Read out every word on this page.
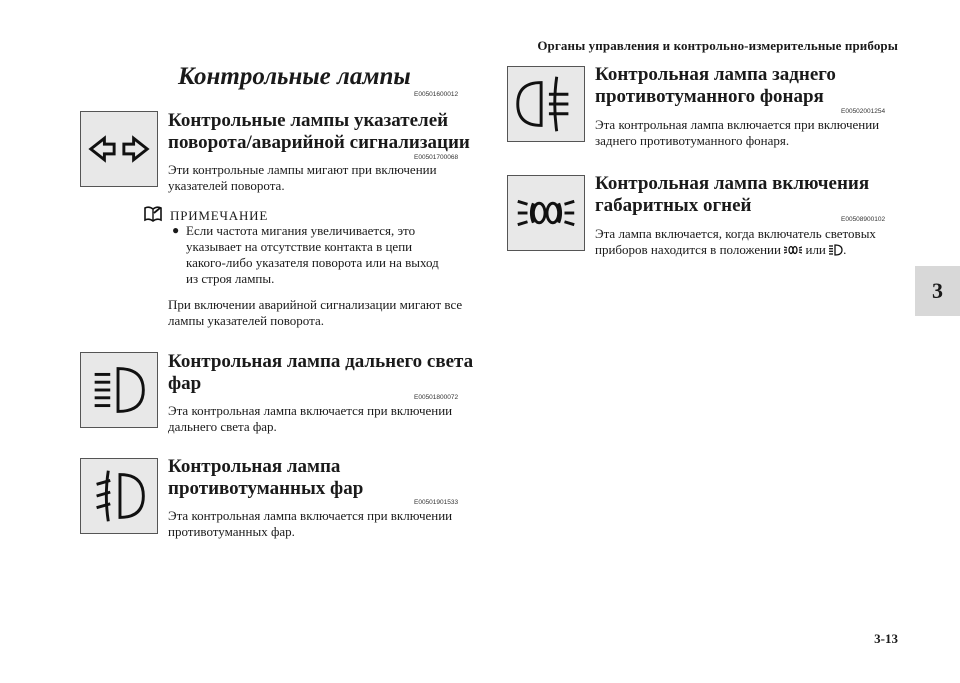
Органы управления и контрольно-измерительные приборы
3
3-13
Контрольные лампы
E00501600012
Контрольные лампы указателей
поворота/аварийной сигнализации
E00501700068
Эти контрольные лампы мигают при включении
указателей поворота.
ПРИМЕЧАНИЕ
● Если частота мигания увеличивается, это
указывает на отсутствие контакта в цепи
какого-либо указателя поворота или на выход
из строя лампы.
При включении аварийной сигнализации мигают все
лампы указателей поворота.
Контрольная лампа дальнего света
фар
E00501800072
Эта контрольная лампа включается при включении
дальнего света фар.
Контрольная лампа
противотуманных фар
E00501901533
Эта контрольная лампа включается при включении
противотуманных фар.
Контрольная лампа заднего
противотуманного фонаря
E00502001254
Эта контрольная лампа включается при включении
заднего противотуманного фонаря.
Контрольная лампа включения
габаритных огней
E00508900102
Эта лампа включается, когда включатель световых
приборов находится в положении или .
